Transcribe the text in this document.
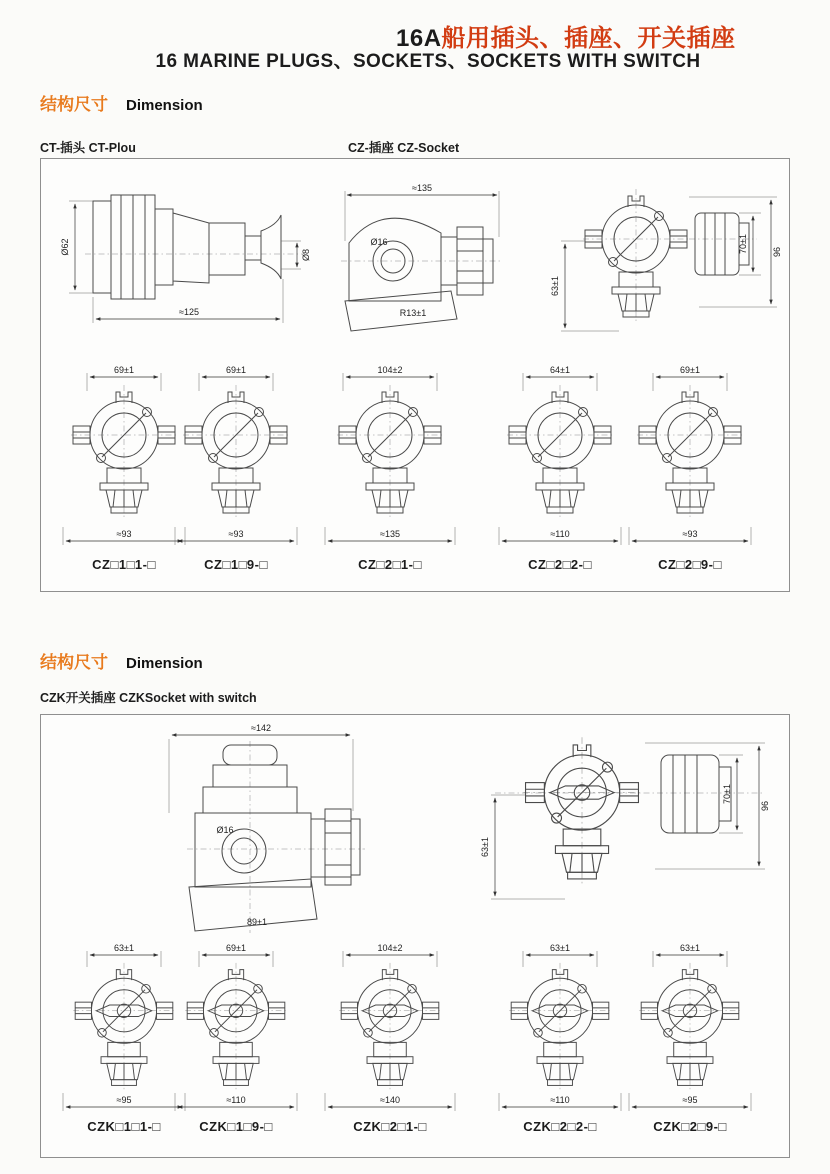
16A船用插头、插座、开关插座
16 MARINE PLUGS、SOCKETS、SOCKETS WITH SWITCH
结构尺寸 Dimension
CT-插头 CT-Plou	CZ-插座 CZ-Socket
Ø62
≈125
Ø8
≈135
Ø16
R13±1
63±1
70±1	96
69±1
≈93
69±1
≈93
104±2
≈135
64±1
≈110
69±1
≈93
CZ□1□1-□	CZ□1□9-□	CZ□2□1-□	CZ□2□2-□	CZ□2□9-□
结构尺寸 Dimension
CZK开关插座 CZKSocket with switch
≈142
Ø16
89±1
63±1
70±1
96
63±1
≈95
69±1
≈110
104±2
≈140
63±1
≈110
63±1
≈95
CZK□1□1-□	CZK□1□9-□	CZK□2□1-□	CZK□2□2-□	CZK□2□9-□
